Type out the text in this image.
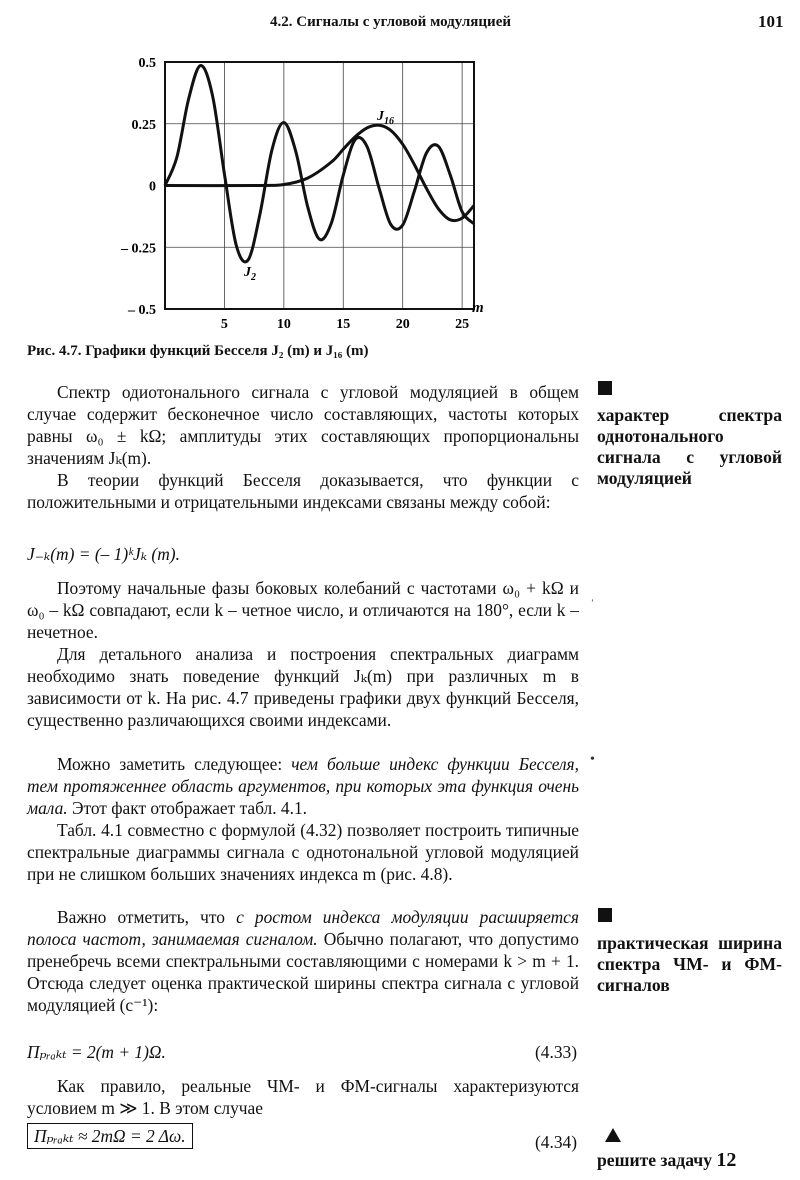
4.2. Сигналы с угловой модуляцией	101
0.5
0.25
0
– 0.25
– 0.5
5	10	15	20	25
m
$J_{16}$
$J_2$
Рис. 4.7. Графики функций Бесселя J₂ (m) и J₁₆ (m)

Спектр одиотонального сигнала с угловой модуляцией в общем случае содержит бесконечное число составляющих, частоты которых равны ω₀ ± kΩ; амплитуды этих составляющих пропорциональны значениям Jₖ(m).

В теории функций Бесселя доказывается, что функции с положительными и отрицательными индексами связаны между собой:

J₋ₖ(m) = (– 1)ᵏJₖ (m).

Поэтому начальные фазы боковых колебаний с частотами ω₀ + kΩ и ω₀ – kΩ совпадают, если k – четное число, и отличаются на 180°, если k – нечетное.

Для детального анализа и построения спектральных диаграмм необходимо знать поведение функций Jₖ(m) при различных m в зависимости от k. На рис. 4.7 приведены графики двух функций Бесселя, существенно различающихся своими индексами.

Можно заметить следующее: чем больше индекс функции Бесселя, тем протяженнее область аргументов, при которых эта функция очень мала. Этот факт отображает табл. 4.1.

Табл. 4.1 совместно с формулой (4.32) позволяет построить типичные спектральные диаграммы сигнала с однотональной угловой модуляцией при не слишком больших значениях индекса m (рис. 4.8).

Важно отметить, что с ростом индекса модуляции расширяется полоса частот, занимаемая сигналом. Обычно полагают, что допустимо пренебречь всеми спектральными составляющими с номерами k > m + 1. Отсюда следует оценка практической ширины спектра сигнала с угловой модуляцией (с⁻¹):

Пₚᵣₐₖₜ = 2(m + 1)Ω.	(4.33)

Как правило, реальные ЧМ- и ФМ-сигналы характеризуются условием m ≫ 1. В этом случае

Пₚᵣₐₖₜ ≈ 2mΩ = 2 Δω.	(4.34)
характер спектра однотонального сигнала с угловой модуляцией
практическая ширина спектра ЧМ- и ФМ-сигналов
решите задачу 12
ˈ
•
